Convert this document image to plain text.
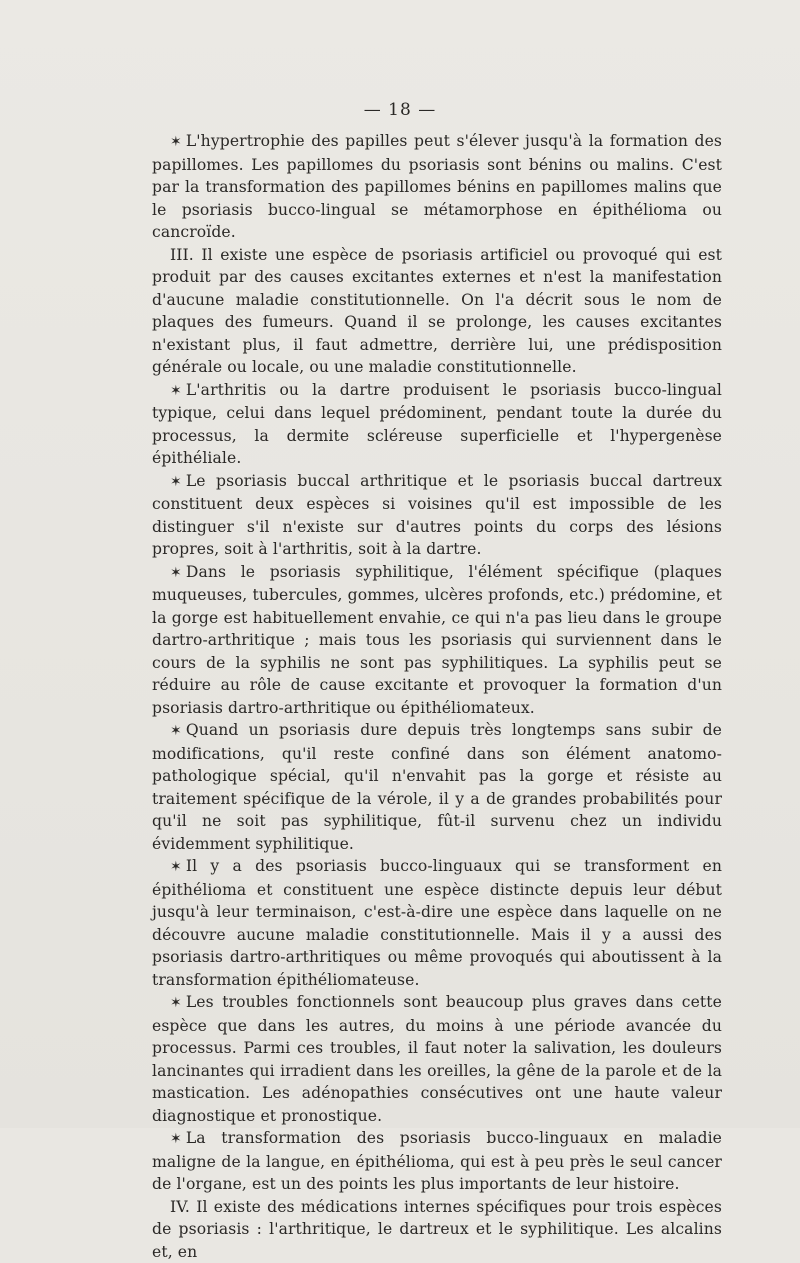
— 18 —

✶ L'hypertrophie des papilles peut s'élever jusqu'à la formation des papillomes. Les papillomes du psoriasis sont bénins ou malins. C'est par la transformation des papillomes bénins en papillomes malins que le psoriasis bucco-lingual se métamorphose en épithélioma ou cancroïde.

III. Il existe une espèce de psoriasis artificiel ou provoqué qui est produit par des causes excitantes externes et n'est la manifestation d'aucune maladie constitutionnelle. On l'a décrit sous le nom de plaques des fumeurs. Quand il se prolonge, les causes excitantes n'existant plus, il faut admettre, derrière lui, une prédisposition générale ou locale, ou une maladie constitutionnelle.

✶ L'arthritis ou la dartre produisent le psoriasis bucco-lingual typique, celui dans lequel prédominent, pendant toute la durée du processus, la dermite scléreuse superficielle et l'hypergenèse épithéliale.

✶ Le psoriasis buccal arthritique et le psoriasis buccal dartreux constituent deux espèces si voisines qu'il est impossible de les distinguer s'il n'existe sur d'autres points du corps des lésions propres, soit à l'arthritis, soit à la dartre.

✶ Dans le psoriasis syphilitique, l'élément spécifique (plaques muqueuses, tubercules, gommes, ulcères profonds, etc.) prédomine, et la gorge est habituellement envahie, ce qui n'a pas lieu dans le groupe dartro-arthritique ; mais tous les psoriasis qui surviennent dans le cours de la syphilis ne sont pas syphilitiques. La syphilis peut se réduire au rôle de cause excitante et provoquer la formation d'un psoriasis dartro-arthritique ou épithéliomateux.

✶ Quand un psoriasis dure depuis très longtemps sans subir de modifications, qu'il reste confiné dans son élément anatomo-pathologique spécial, qu'il n'envahit pas la gorge et résiste au traitement spécifique de la vérole, il y a de grandes probabilités pour qu'il ne soit pas syphilitique, fût-il survenu chez un individu évidemment syphilitique.

✶ Il y a des psoriasis bucco-linguaux qui se transforment en épithélioma et constituent une espèce distincte depuis leur début jusqu'à leur terminaison, c'est-à-dire une espèce dans laquelle on ne découvre aucune maladie constitutionnelle. Mais il y a aussi des psoriasis dartro-arthritiques ou même provoqués qui aboutissent à la transformation épithéliomateuse.

✶ Les troubles fonctionnels sont beaucoup plus graves dans cette espèce que dans les autres, du moins à une période avancée du processus. Parmi ces troubles, il faut noter la salivation, les douleurs lancinantes qui irradient dans les oreilles, la gêne de la parole et de la mastication. Les adénopathies consécutives ont une haute valeur diagnostique et pronostique.

✶ La transformation des psoriasis bucco-linguaux en maladie maligne de la langue, en épithélioma, qui est à peu près le seul cancer de l'organe, est un des points les plus importants de leur histoire.

IV. Il existe des médications internes spécifiques pour trois espèces de psoriasis : l'arthritique, le dartreux et le syphilitique. Les alcalins et, en
